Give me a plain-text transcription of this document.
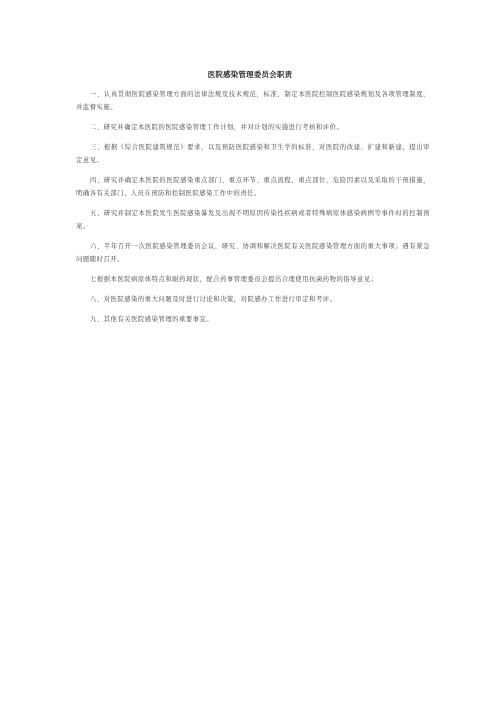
医院感染管理委员会职责

一、认真贯彻医院感染管理方面的法律法规及技术规范，标准，制定本医院控制医院感染规划及各项管理制度，并监督实施。

二、研究并确定本医院的医院感染管理工作计划，并对计划的实施进行考核和评价。

三、根据《综合医院建筑规范》要求，以及预防医院感染和卫生学的标准，对医院的改建、扩建和新建，提出审定意见。

四、研究并确定本医院的医院感染重点部门、重点环节、重点流程、重点部位、危险因素以及采取的干预措施，明确各有关部门、人员在预防和控制医院感染工作中的责任。

五、研究并制定本医院发生医院感染暴发及出现不明原因传染性疾病或者特殊病原体感染病例等事件时的控制预案。

六、半年召开一次医院感染管理委员会议，研究、协调和解决医院有关医院感染管理方面的重大事项；遇有紧急问题随时召开。

七根据本医院病原体特点和耐药现状，配合药事管理委员会提出合理使用抗菌药物的指导意见；

八、对医院感染的重大问题及时进行讨论和决策，对院感办工作进行审定和考评。

九、其他有关医院感染管理的重要事宜。
